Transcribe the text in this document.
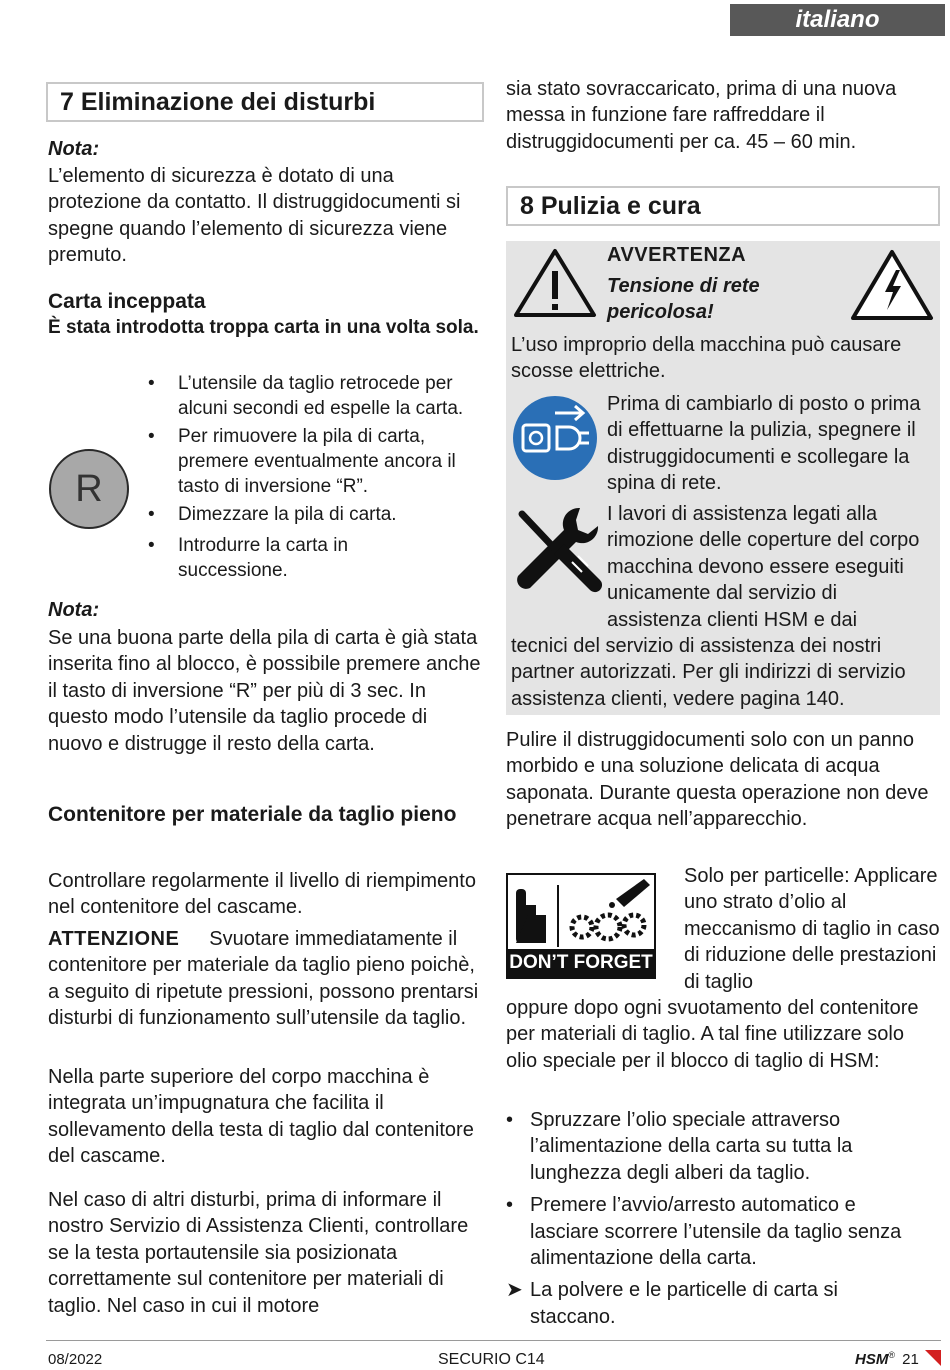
italiano
7 Eliminazione dei disturbi
Nota:
L’elemento di sicurezza è dotato di una protezione da contatto. Il distruggidocumenti si spegne quando l’elemento di sicurezza viene premuto.
Carta inceppata
È stata introdotta troppa carta in una volta sola.
R
• L’utensile da taglio retrocede per alcuni secondi ed espelle la carta.
• Per rimuovere la pila di carta, premere eventualmente ancora il tasto di inversione “R”.
• Dimezzare la pila di carta.
• Introdurre la carta in successione.
Nota:
Se una buona parte della pila di carta è già stata inserita fino al blocco, è possibile premere anche il tasto di inversione “R” per più di 3 sec. In questo modo l’utensile da taglio procede di nuovo e distrugge il resto della carta.
Contenitore per materiale da taglio pieno
Controllare regolarmente il livello di riempimento nel contenitore del cascame.
ATTENZIONE Svuotare immediatamente il contenitore per materiale da taglio pieno poichè, a seguito di ripetute pressioni, possono prentarsi disturbi di funzionamento sull’utensile da taglio.
Nella parte superiore del corpo macchina è integrata un’impugnatura che facilita il sollevamento della testa di taglio dal contenitore del cascame.
Nel caso di altri disturbi, prima di informare il nostro Servizio di Assistenza Clienti, controllare se la testa portautensile sia posizionata correttamente sul contenitore per materiali di taglio. Nel caso in cui il motore
sia stato sovraccaricato, prima di una nuova messa in funzione fare raffreddare il distruggidocumenti per ca. 45 – 60 min.
8 Pulizia e cura
AVVERTENZA
Tensione di rete pericolosa!
L’uso improprio della macchina può causare scosse elettriche.
Prima di cambiarlo di posto o prima di effettuarne la pulizia, spegnere il distruggidocumenti e scollegare la spina di rete.
I lavori di assistenza legati alla rimozione delle coperture del corpo macchina devono essere eseguiti unicamente dal servizio di assistenza clienti HSM e dai
tecnici del servizio di assistenza dei nostri partner autorizzati. Per gli indirizzi di servizio assistenza clienti, vedere pagina 140.
Pulire il distruggidocumenti solo con un panno morbido e una soluzione delicata di acqua saponata. Durante questa operazione non deve penetrare acqua nell’apparecchio.
DON’T FORGET
Solo per particelle: Applicare uno strato d’olio al meccanismo di taglio in caso di riduzione delle prestazioni di taglio
oppure dopo ogni svuotamento del contenitore per materiali di taglio. A tal fine utilizzare solo olio speciale per il blocco di taglio di HSM:
• Spruzzare l’olio speciale attraverso l’alimentazione della carta su tutta la lunghezza degli alberi da taglio.
• Premere l’avvio/arresto automatico e lasciare scorrere l’utensile da taglio senza alimentazione della carta.
➤ La polvere e le particelle di carta si staccano.
08/2022	SECURIO C14	HSM® 21
